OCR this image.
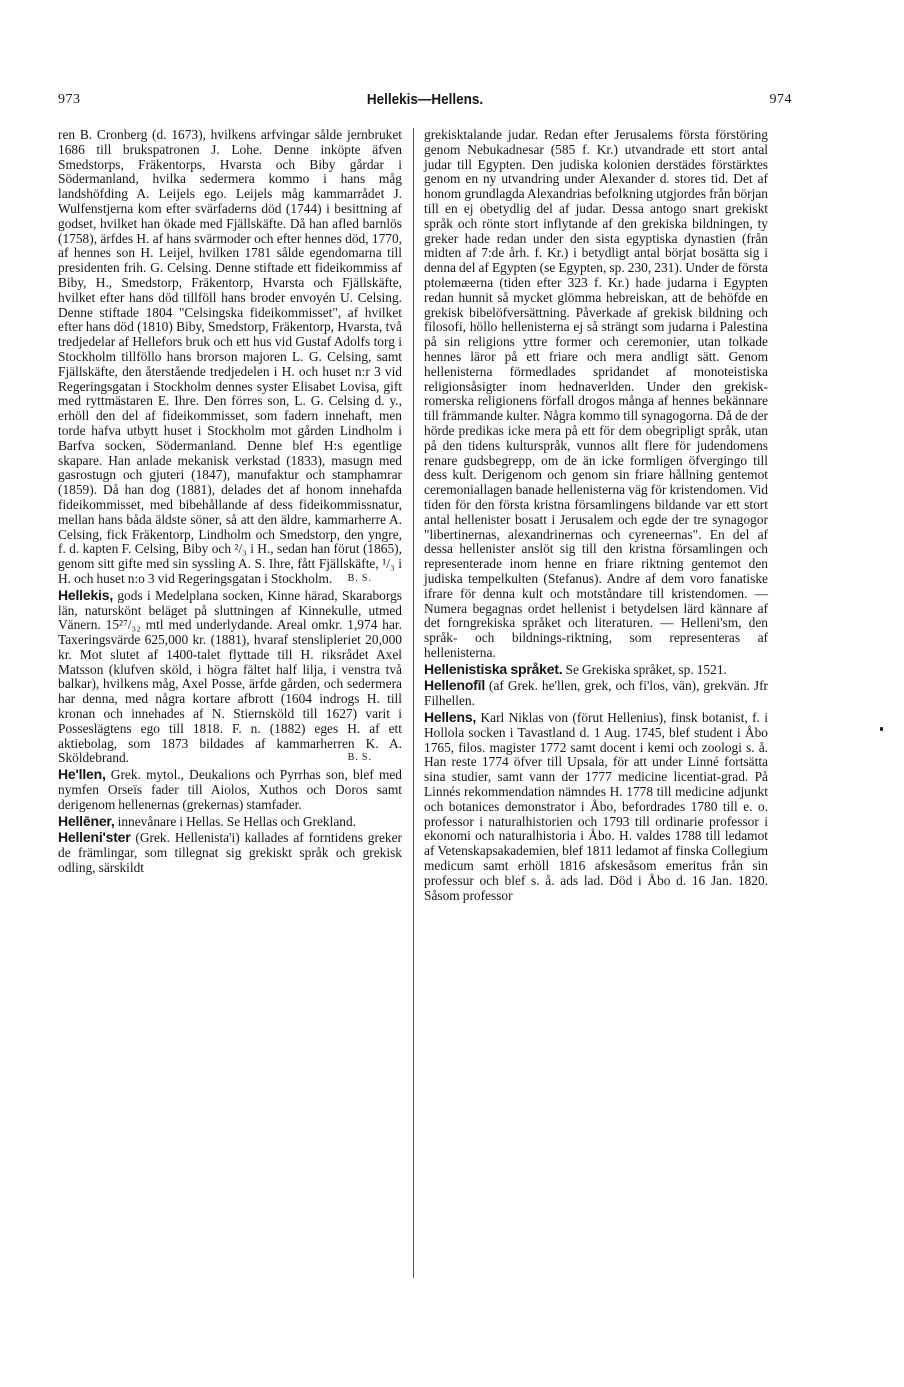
973	Hellekis—Hellens.	974

ren B. Cronberg (d. 1673), hvilkens arfvingar sålde jernbruket 1686 till brukspatronen J. Lohe. Denne inköpte äfven Smedstorps, Fräkentorps, Hvarsta och Biby gårdar i Södermanland, hvilka sedermera kommo i hans måg landshöfding A. Leijels ego. Leijels måg kammarrådet J. Wulfenstjerna kom efter svärfaderns död (1744) i besittning af godset, hvilket han ökade med Fjällskäfte. Då han afled barnlös (1758), ärfdes H. af hans svärmoder och efter hennes död, 1770, af hennes son H. Leijel, hvilken 1781 sålde egendomarna till presidenten frih. G. Celsing. Denne stiftade ett fideikommiss af Biby, H., Smedstorp, Fräkentorp, Hvarsta och Fjällskäfte, hvilket efter hans död tillföll hans broder envoyén U. Celsing. Denne stiftade 1804 "Celsingska fideikommisset", af hvilket efter hans död (1810) Biby, Smedstorp, Fräkentorp, Hvarsta, två tredjedelar af Hellefors bruk och ett hus vid Gustaf Adolfs torg i Stockholm tillföllo hans brorson majoren L. G. Celsing, samt Fjällskäfte, den återstående tredjedelen i H. och huset n:r 3 vid Regeringsgatan i Stockholm dennes syster Elisabet Lovisa, gift med ryttmästaren E. Ihre. Den förres son, L. G. Celsing d. y., erhöll den del af fideikommisset, som fadern innehaft, men torde hafva utbytt huset i Stockholm mot gården Lindholm i Barfva socken, Södermanland. Denne blef H:s egentlige skapare. Han anlade mekanisk verkstad (1833), masugn med gasrostugn och gjuteri (1847), manufaktur och stamphamrar (1859). Då han dog (1881), delades det af honom innehafda fideikommisset, med bibehållande af dess fideikommissnatur, mellan hans båda äldste söner, så att den äldre, kammarherre A. Celsing, fick Fräkentorp, Lindholm och Smedstorp, den yngre, f. d. kapten F. Celsing, Biby och ²/₃ i H., sedan han förut (1865), genom sitt gifte med sin syssling A. S. Ihre, fått Fjällskäfte, ¹/₃ i H. och huset n:o 3 vid Regeringsgatan i Stockholm. B. S.

Hellekis, gods i Medelplana socken, Kinne härad, Skaraborgs län, naturskönt beläget på sluttningen af Kinnekulle, utmed Vänern. 15²⁷/₃₂ mtl med underlydande. Areal omkr. 1,974 har. Taxeringsvärde 625,000 kr. (1881), hvaraf stenslipleriet 20,000 kr. Mot slutet af 1400-talet flyttade till H. riksrådet Axel Matsson (klufven sköld, i högra fältet half lilja, i venstra två balkar), hvilkens måg, Axel Posse, ärfde gården, och sedermera har denna, med några kortare afbrott (1604 indrogs H. till kronan och innehades af N. Stiernsköld till 1627) varit i Posseslägtens ego till 1818. F. n. (1882) eges H. af ett aktiebolag, som 1873 bildades af kammarherren K. A. Sköldebrand.	B. S.

He'llen, Grek. mytol., Deukalions och Pyrrhas son, blef med nymfen Orseïs fader till Aiolos, Xuthos och Doros samt derigenom hellenernas (grekernas) stamfader.

Hellēner, innevånare i Hellas. Se Hellas och Grekland.

Helleni'ster (Grek. Hellenista'i) kallades af forntidens greker de främlingar, som tillegnat sig grekiskt språk och grekisk odling, särskildt

grekisktalande judar. Redan efter Jerusalems första förstöring genom Nebukadnesar (585 f. Kr.) utvandrade ett stort antal judar till Egypten. Den judiska kolonien derstädes förstärktes genom en ny utvandring under Alexander d. stores tid. Det af honom grundlagda Alexandrias befolkning utgjordes från början till en ej obetydlig del af judar. Dessa antogo snart grekiskt språk och rönte stort inflytande af den grekiska bildningen, ty greker hade redan under den sista egyptiska dynastien (från midten af 7:de årh. f. Kr.) i betydligt antal börjat bosätta sig i denna del af Egypten (se Egypten, sp. 230, 231). Under de första ptolemæerna (tiden efter 323 f. Kr.) hade judarna i Egypten redan hunnit så mycket glömma hebreiskan, att de behöfde en grekisk bibelöfversättning. Påverkade af grekisk bildning och filosofi, höllo hellenisterna ej så strängt som judarna i Palestina på sin religions yttre former och ceremonier, utan tolkade hennes läror på ett friare och mera andligt sätt. Genom hellenisterna förmedlades spridandet af monoteistiska religionsåsigter inom hednaverlden. Under den grekisk-romerska religionens förfall drogos många af hennes bekännare till främmande kulter. Några kommo till synagogorna. Då de der hörde predikas icke mera på ett för dem obegripligt språk, utan på den tidens kulturspråk, vunnos allt flere för judendomens renare gudsbegrepp, om de än icke formligen öfvergingo till dess kult. Derigenom och genom sin friare hållning gentemot ceremoniallagen banade hellenisterna väg för kristendomen. Vid tiden för den första kristna församlingens bildande var ett stort antal hellenister bosatt i Jerusalem och egde der tre synagogor "libertinernas, alexandrinernas och cyreneernas". En del af dessa hellenister anslöt sig till den kristna församlingen och representerade inom henne en friare riktning gentemot den judiska tempelkulten (Stefanus). Andre af dem voro fanatiske ifrare för denna kult och motståndare till kristendomen. — Numera begagnas ordet hellenist i betydelsen lärd kännare af det forngrekiska språket och literaturen. — Helleni'sm, den språk- och bildnings-riktning, som representeras af hellenisterna.

Hellenistiska språket. Se Grekiska språket, sp. 1521.

Hellenofīl (af Grek. he'llen, grek, och fi'los, vän), grekvän. Jfr Filhellen.

Hellens, Karl Niklas von (förut Hellenius), finsk botanist, f. i Hollola socken i Tavastland d. 1 Aug. 1745, blef student i Åbo 1765, filos. magister 1772 samt docent i kemi och zoologi s. å. Han reste 1774 öfver till Upsala, för att under Linné fortsätta sina studier, samt vann der 1777 medicine licentiat-grad. På Linnés rekommendation nämndes H. 1778 till medicine adjunkt och botanices demonstrator i Åbo, befordrades 1780 till e. o. professor i naturalhistorien och 1793 till ordinarie professor i ekonomi och naturalhistoria i Åbo. H. valdes 1788 till ledamot af Vetenskapsakademien, blef 1811 ledamot af finska Collegium medicum samt erhöll 1816 afskesåsom emeritus från sin professur och blef s. å. ads lad. Död i Åbo d. 16 Jan. 1820. Såsom professor
